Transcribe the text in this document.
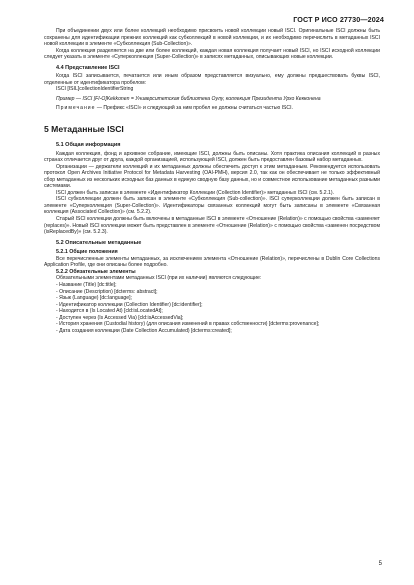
ГОСТ Р ИСО 27730—2024

При объединении двух или более коллекций необходимо присвоить новой коллекции новый ISCI. Оригинальные ISCI должны быть сохранены для идентификации прежних коллекций как субколлекций в новой коллекции, и их необходимо перечислить в метаданных ISCI новой коллекции в элементе «Субколлекция (Sub-Collection)».

Когда коллекция разделяется на две или более коллекций, каждая новая коллекция получает новый ISCI, но ISCI исходной коллекции следует указать в элементе «Суперколлекция (Super-Collection)» в записях метаданных, описывающих новые коллекции.

4.4 Представление ISCI

Когда ISCI записывается, печатается или иным образом представляется визуально, ему должны предшествовать буквы ISCI, отделенные от идентификатора пробелом:

ISCI [ISIL]collectionIdentifierString

Пример — ISCI [FI-O]Kekkonen = Университетская библиотека Оулу, коллекция Президента Урхо Кекконена

Примечание — Префикс «ISCI» и следующий за ним пробел не должны считаться частью ISCI.

5 Метаданные ISCI
5.1 Общая информация

Каждая коллекция, фонд и архивное собрание, имеющие ISCI, должны быть описаны. Хотя практика описания коллекций в разных странах отличается друг от друга, каждой организацией, использующей ISCI, должен быть предоставлен базовый набор метаданных.

Организации — держатели коллекций и их метаданных должны обеспечить доступ к этим метаданным. Рекомендуется использовать протокол Open Archives Initiative Protocol for Metadata Harvesting (OAI-PMH), версия 2.0, так как он обеспечивает не только эффективный сбор метаданных из нескольких исходных баз данных в единую сводную базу данных, но и совместное использование метаданных разными системами.

ISCI должен быть записан в элементе «Идентификатор Коллекции (Collection Identifier)» метаданных ISCI (см. 5.2.1).

ISCI субколлекции должен быть записан в элементе «Субколлекция (Sub-collection)». ISCI суперколлекции должен быть записан в элементе «Суперколлекция (Super-Collection)». Идентификаторы связанных коллекций могут быть записаны в элементе «Связанная коллекция (Associated Collection)» (см. 5.2.2).

Старый ISCI коллекции должны быть включены в метаданные ISCI в элементе «Отношение (Relation)» с помощью свойства «заменяет (replaces)». Новый ISCI коллекции может быть представлен в элементе «Отношение (Relation)» с помощью свойства «заменен посредством (isReplacedBy)» (см. 5.2.3).

5.2 Описательные метаданные
5.2.1 Общие положения

Все перечисленные элементы метаданных, за исключением элемента «Отношение (Relation)», перечислены в Dublin Core Collections Application Profile, где они описаны более подробно.

5.2.2 Обязательные элементы

Обязательными элементами метаданных ISCI (при их наличии) являются следующие:

- Название (Title) [dc:title];

- Описание (Description) [dcterms: abstract];

- Язык (Language) [dc:language];

- Идентификатор коллекции (Collection Identifier) [dc:identifier];

- Находится в (Is Located At) [cld:isLocatedAt];

- Доступен через (Is Accessed Via) [cld:isAccessedVia];

- История хранения (Custodial history) (для описания изменений в правах собственности) [dcterms:provenance];

- Дата создания коллекции (Date Collection Accumulated) [dcterms:created];

5
